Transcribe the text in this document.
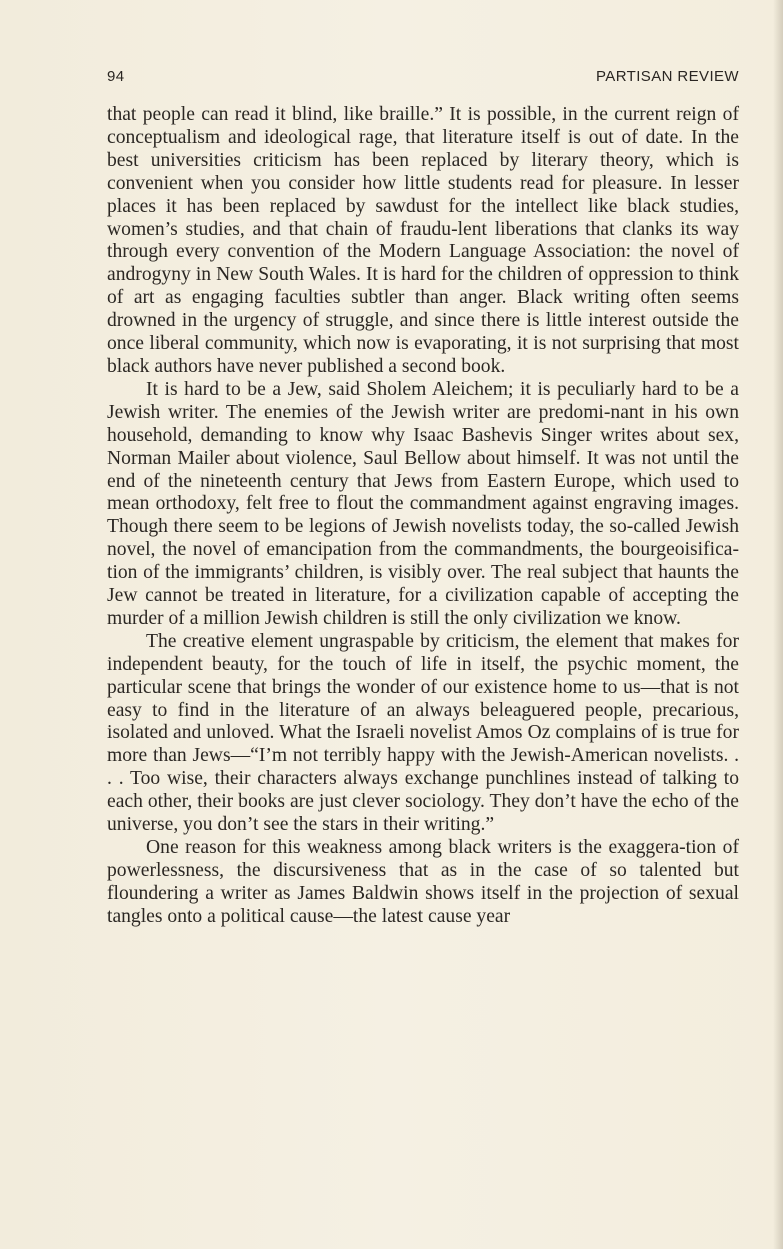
94	PARTISAN REVIEW

that people can read it blind, like braille.” It is possible, in the current reign of conceptualism and ideological rage, that literature itself is out of date. In the best universities criticism has been replaced by literary theory, which is convenient when you consider how little students read for pleasure. In lesser places it has been replaced by sawdust for the intellect like black studies, women’s studies, and that chain of fraudu-lent liberations that clanks its way through every convention of the Modern Language Association: the novel of androgyny in New South Wales. It is hard for the children of oppression to think of art as engaging faculties subtler than anger. Black writing often seems drowned in the urgency of struggle, and since there is little interest outside the once liberal community, which now is evaporating, it is not surprising that most black authors have never published a second book.

It is hard to be a Jew, said Sholem Aleichem; it is peculiarly hard to be a Jewish writer. The enemies of the Jewish writer are predomi-nant in his own household, demanding to know why Isaac Bashevis Singer writes about sex, Norman Mailer about violence, Saul Bellow about himself. It was not until the end of the nineteenth century that Jews from Eastern Europe, which used to mean orthodoxy, felt free to flout the commandment against engraving images. Though there seem to be legions of Jewish novelists today, the so-called Jewish novel, the novel of emancipation from the commandments, the bourgeoisifica-tion of the immigrants’ children, is visibly over. The real subject that haunts the Jew cannot be treated in literature, for a civilization capable of accepting the murder of a million Jewish children is still the only civilization we know.

The creative element ungraspable by criticism, the element that makes for independent beauty, for the touch of life in itself, the psychic moment, the particular scene that brings the wonder of our existence home to us—that is not easy to find in the literature of an always beleaguered people, precarious, isolated and unloved. What the Israeli novelist Amos Oz complains of is true for more than Jews—“I’m not terribly happy with the Jewish-American novelists. . . . Too wise, their characters always exchange punchlines instead of talking to each other, their books are just clever sociology. They don’t have the echo of the universe, you don’t see the stars in their writing.”

One reason for this weakness among black writers is the exaggera-tion of powerlessness, the discursiveness that as in the case of so talented but floundering a writer as James Baldwin shows itself in the projection of sexual tangles onto a political cause—the latest cause year
